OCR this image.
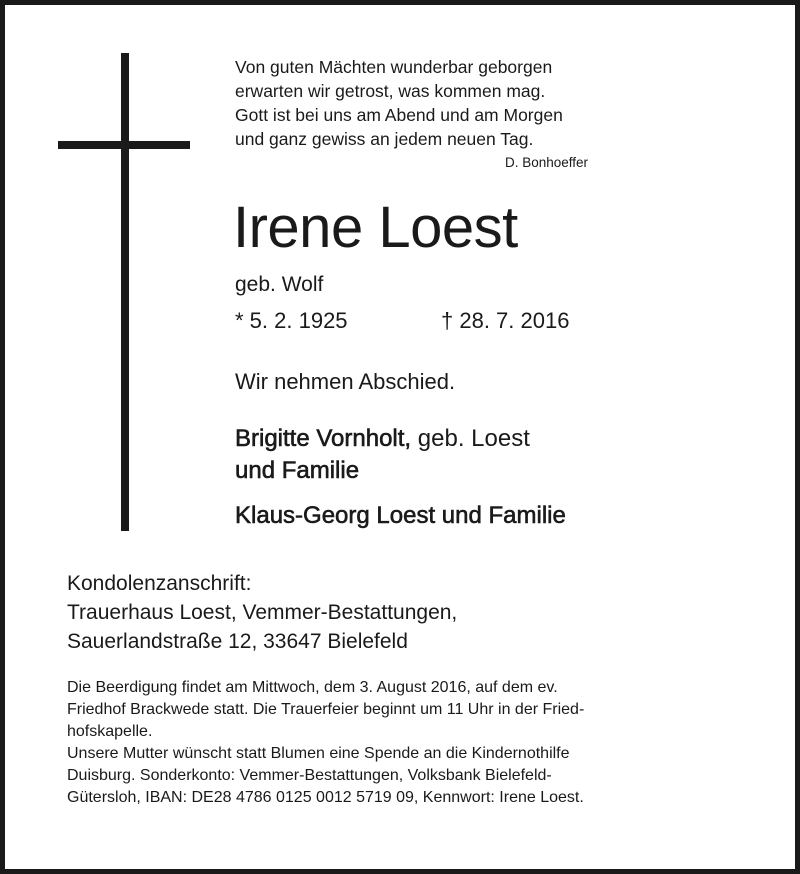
Von guten Mächten wunderbar geborgen
erwarten wir getrost, was kommen mag.
Gott ist bei uns am Abend und am Morgen
und ganz gewiss an jedem neuen Tag.
D. Bonhoeffer
Irene Loest
geb. Wolf
* 5. 2. 1925	† 28. 7. 2016
Wir nehmen Abschied.
Brigitte Vornholt, geb. Loest
und Familie
Klaus-Georg Loest und Familie
Kondolenzanschrift:
Trauerhaus Loest, Vemmer-Bestattungen,
Sauerlandstraße 12, 33647 Bielefeld
Die Beerdigung findet am Mittwoch, dem 3. August 2016, auf dem ev.
Friedhof Brackwede statt. Die Trauerfeier beginnt um 11 Uhr in der Fried-
hofskapelle.
Unsere Mutter wünscht statt Blumen eine Spende an die Kindernothilfe
Duisburg. Sonderkonto: Vemmer-Bestattungen, Volksbank Bielefeld-
Gütersloh, IBAN: DE28 4786 0125 0012 5719 09, Kennwort: Irene Loest.
